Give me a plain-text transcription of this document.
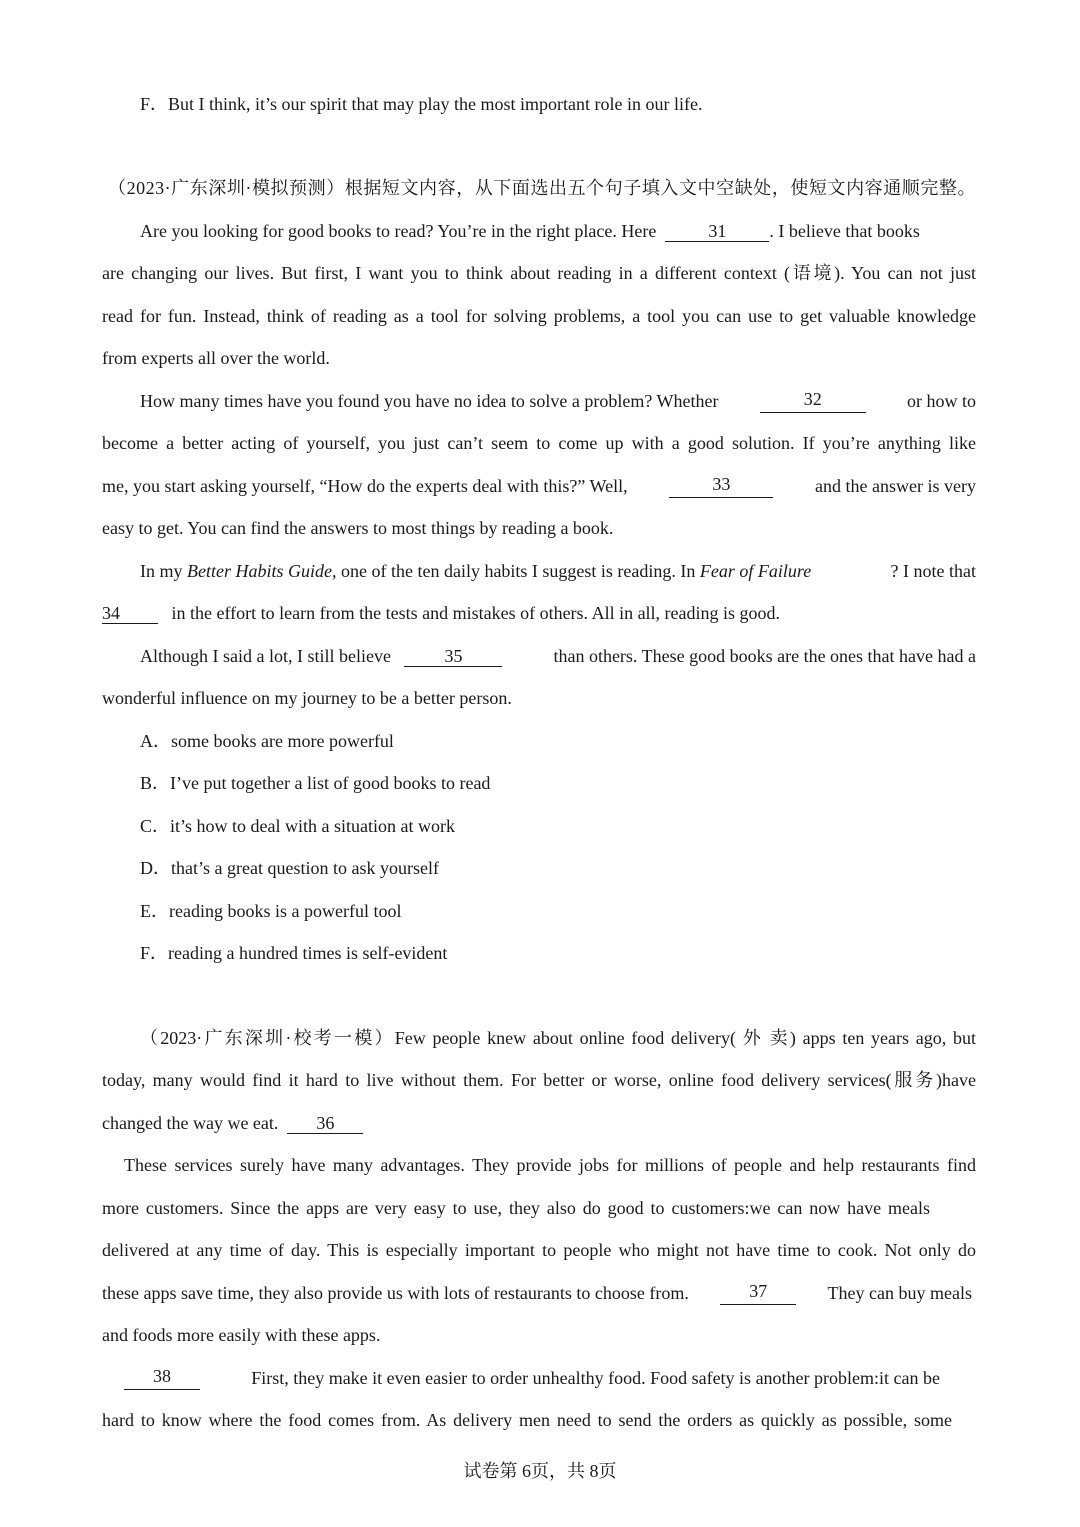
F．But I think, it’s our spirit that may play the most important role in our life.
（2023·广东深圳·模拟预测）根据短文内容，从下面选出五个句子填入文中空缺处，使短文内容通顺完整。
Are you looking for good books to read? You’re in the right place. Here	31 . I believe that books
are changing our lives. But first, I want you to think about reading in a different context (语境). You can not just
read for fun. Instead, think of reading as a tool for solving problems, a tool you can use to get valuable knowledge
from experts all over the world.
How many times have you found you have no idea to solve a problem? Whether	32	or how to
become a better acting of yourself, you just can’t seem to come up with a good solution. If you’re anything like
me, you start asking yourself, “How do the experts deal with this?” Well,	33	and the answer is very
easy to get. You can find the answers to most things by reading a book.
In my Better Habits Guide, one of the ten daily habits I suggest is reading. In Fear of Failure	? I note that
34	in the effort to learn from the tests and mistakes of others. All in all, reading is good.
Although I said a lot, I still believe	35	than others. These good books are the ones that have had a
wonderful influence on my journey to be a better person.
A．some books are more powerful
B．I’ve put together a list of good books to read
C．it’s how to deal with a situation at work
D．that’s a great question to ask yourself
E．reading books is a powerful tool
F．reading a hundred times is self-evident
（2023·广东深圳·校考一模）Few people knew about online food delivery( 外 卖) apps ten years ago, but
today, many would find it hard to live without them. For better or worse, online food delivery services(服务)have
changed the way we eat. 36
These services surely have many advantages. They provide jobs for millions of people and help restaurants find
more customers. Since the apps are very easy to use, they also do good to customers:we can now have meals
delivered at any time of day. This is especially important to people who might not have time to cook. Not only do
these apps save time, they also provide us with lots of restaurants to choose from.	37	They can buy meals
and foods more easily with these apps.
38	First, they make it even easier to order unhealthy food. Food safety is another problem:it can be
hard to know where the food comes from. As delivery men need to send the orders as quickly as possible, some
试卷第 6页，共 8页
